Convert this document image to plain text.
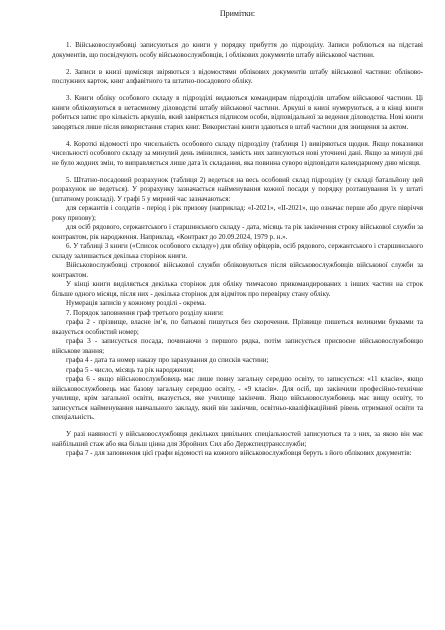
Примітки:

1. Військовослужбовці записуються до книги у порядку прибуття до підрозділу. Записи роблються на підставі документів, що посвідчують особу військовослужбовців, і облікових документів штабу військової частини.

2. Записи в книзі щомісяця звіряються з відомостями облікових документів штабу військової частини: обліково-послужних карток, книг алфавітного та штатно-посадового обліку.

3. Книги обліку особового складу в підрозділі видаються командирам підрозділів штабом військової частини. Ці книги обліковуються в нетаємному діловодстві штабу військової частини. Аркуші в книзі нумеруються, а в кінці книги робиться запис про кількість аркушів, який завіряється підписом особи, відповідальної за ведення діловодства. Нові книги заводяться лише після використання старих книг. Використані книги здаються в штаб частини для знищення за актом.

4. Короткі відомості про чисельність особового складу підрозділу (таблиця 1) вивіряються щодня. Якщо показники чисельності особового складу за минулий день змінилися, замість них записуються нові уточнені дані. Якщо за минулі дні не було жодних змін, то виправляється лише дата їх складання, яка повинна суворо відповідати календарному дню місяця.

5. Штатно-посадовий розрахунок (таблиця 2) ведеться на весь особовий склад підрозділу (у складі батальйону цей розрахунок не ведеться). У розрахунку зазначається найменування кожної посади у порядку розташування їх у штаті (штатному розкладі). У графі 5 у мирний час зазначаються:

для сержантів і солдатів - період і рік призову (наприклад: «І-2021», «ІІ-2021», що означає перше або друге півріччя року призову);

для осіб рядового, сержантського і старшинського складу - дата, місяць та рік закінчення строку військової служби за контрактом, рік народження. Наприклад, «Контракт до 20.09.2024, 1979 р. н.».

6. У таблиці 3 книги («Список особового складу») для обліку офіцерів, осіб рядового, сержантського і старшинського складу залишається декілька сторінок книги.

Військовослужбовці строкової військової служби обліковуються після військовослужбовців військової служби за контрактом.

У кінці книги виділяється декілька сторінок для обліку тимчасово прикомандированих з інших частин на строк більше одного місяця, після них - декілька сторінок для відміток про перевірку стану обліку.

Нумерація записів у кожному розділі - окрема.

7. Порядок заповнення граф третього розділу книги:

графа 2 - прізвище, власне ім’я, по батькові пишуться без скорочення. Прізвище пишеться великими буквами та вказується особистий номер;

графа 3 - записується посада, починаючи з першого рядка, потім записується присвоєне військовослужбовцю військове звання;

графа 4 - дата та номер наказу про зарахування до списків частини;

графа 5 - число, місяць та рік народження;

графа 6 - якщо військовослужбовець має лише повну загальну середню освіту, то записується: «11 класів», якщо військовослужбовець має базову загальну середню освіту, - «9 класів». Для осіб, що закінчили професійно-технічне училище, крім загальної освіти, вказується, яке училище закінчив. Якщо військовослужбовець має вищу освіту, то записується найменування навчального закладу, який він закінчив, освітньо-кваліфікаційний рівень отриманої освіти та спеціальність.

У разі наявності у військовослужбовця декількох цивільних спеціальностей записуються та з них, за якою він має найбільший стаж або яка більш цінна для Збройних Сил або Держспецтрансслужби;

графа 7 - для заповнення цієї графи відомості на кожного військовослужбовця беруть з його облікових документів:
